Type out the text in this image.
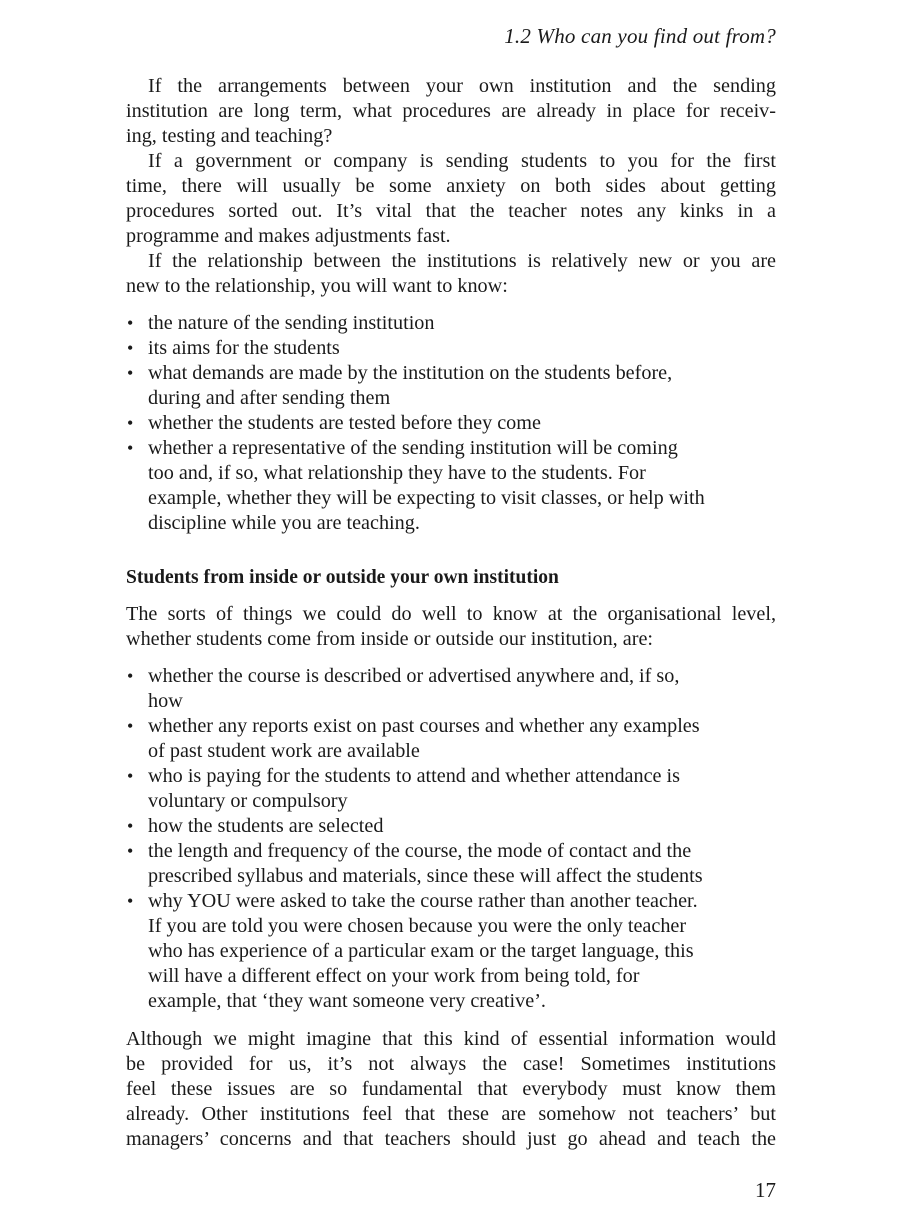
1.2 Who can you find out from?

If the arrangements between your own institution and the sending
institution are long term, what procedures are already in place for receiv-
ing, testing and teaching?

If a government or company is sending students to you for the first
time, there will usually be some anxiety on both sides about getting
procedures sorted out. It’s vital that the teacher notes any kinks in a
programme and makes adjustments fast.

If the relationship between the institutions is relatively new or you are
new to the relationship, you will want to know:

• the nature of the sending institution
• its aims for the students
• what demands are made by the institution on the students before,
during and after sending them
• whether the students are tested before they come
• whether a representative of the sending institution will be coming
too and, if so, what relationship they have to the students. For
example, whether they will be expecting to visit classes, or help with
discipline while you are teaching.
Students from inside or outside your own institution

The sorts of things we could do well to know at the organisational level,
whether students come from inside or outside our institution, are:

• whether the course is described or advertised anywhere and, if so,
how
• whether any reports exist on past courses and whether any examples
of past student work are available
• who is paying for the students to attend and whether attendance is
voluntary or compulsory
• how the students are selected
• the length and frequency of the course, the mode of contact and the
prescribed syllabus and materials, since these will affect the students
• why YOU were asked to take the course rather than another teacher.
If you are told you were chosen because you were the only teacher
who has experience of a particular exam or the target language, this
will have a different effect on your work from being told, for
example, that ‘they want someone very creative’.

Although we might imagine that this kind of essential information would
be provided for us, it’s not always the case! Sometimes institutions
feel these issues are so fundamental that everybody must know them
already. Other institutions feel that these are somehow not teachers’ but
managers’ concerns and that teachers should just go ahead and teach the

17
